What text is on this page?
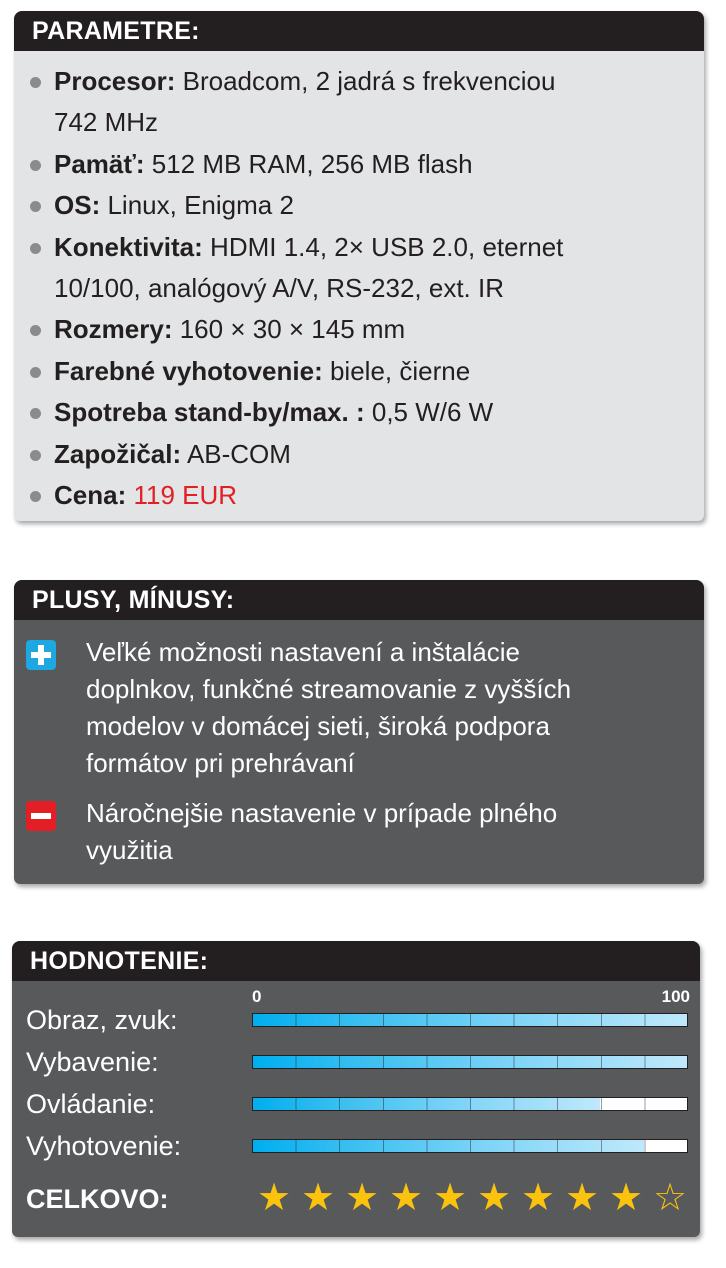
PARAMETRE:
Procesor: Broadcom, 2 jadrá s frekvenciou
742 MHz
Pamäť: 512 MB RAM, 256 MB flash
OS: Linux, Enigma 2
Konektivita: HDMI 1.4, 2× USB 2.0, eternet
10/100, analógový A/V, RS-232, ext. IR
Rozmery: 160 × 30 × 145 mm
Farebné vyhotovenie: biele, čierne
Spotreba stand-by/max. : 0,5 W/6 W
Zapožičal: AB-COM
Cena: 119 EUR
PLUSY, MÍNUSY:
Veľké možnosti nastavení a inštalácie
doplnkov, funkčné streamovanie z vyšších
modelov v domácej sieti, široká podpora
formátov pri prehrávaní
Náročnejšie nastavenie v prípade plného
využitia
HODNOTENIE:
0	100
Obraz, zvuk:
Vybavenie:
Ovládanie:
Vyhotovenie:
CELKOVO: ★ ★ ★ ★ ★ ★ ★ ★ ★ ☆
